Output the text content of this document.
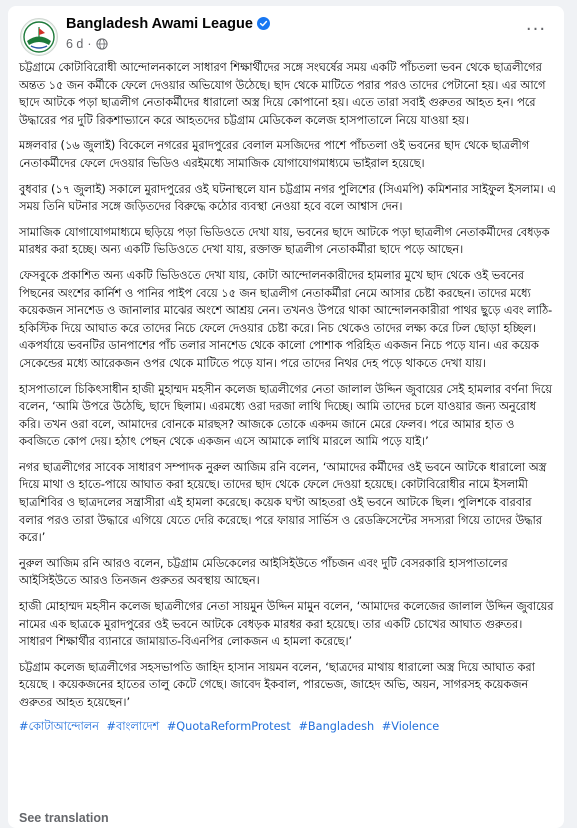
Bangladesh Awami League
6 d ·
···

চট্টগ্রামে কোটাবিরোধী আন্দোলনকালে সাধারণ শিক্ষার্থীদের সঙ্গে সংঘর্ষের সময় একটি পাঁচতলা ভবন থেকে ছাত্রলীগের অন্তত ১৫ জন কর্মীকে ফেলে দেওয়ার অভিযোগ উঠেছে। ছাদ থেকে মাটিতে পরার পরও তাদের পেটানো হয়। এর আগে ছাদে আটকে পড়া ছাত্রলীগ নেতাকর্মীদের ধারালো অস্ত্র দিয়ে কোপানো হয়। এতে তারা সবাই গুরুতর আহত হন। পরে উদ্ধারের পর দুটি রিকশাভ্যানে করে আহতদের চট্টগ্রাম মেডিকেল কলেজ হাসপাতালে নিয়ে যাওয়া হয়।

মঙ্গলবার (১৬ জুলাই) বিকেলে নগরের মুরাদপুরের বেলাল মসজিদের পাশে পাঁচতলা ওই ভবনের ছাদ থেকে ছাত্রলীগ নেতাকর্মীদের ফেলে দেওয়ার ভিডিও এরইমধ্যে সামাজিক যোগাযোগমাধ্যমে ভাইরাল হয়েছে।

বুধবার (১৭ জুলাই) সকালে মুরাদপুরের ওই ঘটনাস্থলে যান চট্টগ্রাম নগর পুলিশের (সিএমপি) কমিশনার সাইফুল ইসলাম। এ সময় তিনি ঘটনার সঙ্গে জড়িতদের বিরুদ্ধে কঠোর ব্যবস্থা নেওয়া হবে বলে আশ্বাস দেন।

সামাজিক যোগাযোগমাধ্যমে ছড়িয়ে পড়া ভিডিওতে দেখা যায়, ভবনের ছাদে আটকে পড়া ছাত্রলীগ নেতাকর্মীদের বেধড়ক মারধর করা হচ্ছে। অন্য একটি ভিডিওতে দেখা যায়, রক্তাক্ত ছাত্রলীগ নেতাকর্মীরা ছাদে পড়ে আছেন।

ফেসবুকে প্রকাশিত অন্য একটি ভিডিওতে দেখা যায়, কোটা আন্দোলনকারীদের হামলার মুখে ছাদ থেকে ওই ভবনের পিছনের অংশের কার্নিশ ও পানির পাইপ বেয়ে ১৫ জন ছাত্রলীগ নেতাকর্মীরা নেমে আসার চেষ্টা করছেন। তাদের মধ্যে কয়েকজন সানশেড ও জানালার মাঝের অংশে আশ্রয় নেন। তখনও উপরে থাকা আন্দোলনকারীরা পাথর ছুড়ে এবং লাঠি-হকিস্টিক দিয়ে আঘাত করে তাদের নিচে ফেলে দেওয়ার চেষ্টা করে। নিচ থেকেও তাদের লক্ষ্য করে ঢিল ছোড়া হচ্ছিল। একপর্যায়ে ভবনটির ডানপাশের পাঁচ তলার সানশেড থেকে কালো পোশাক পরিহিত একজন নিচে পড়ে যান। এর কয়েক সেকেন্ডের মধ্যে আরেকজন ওপর থেকে মাটিতে পড়ে যান। পরে তাদের নিথর দেহ পড়ে থাকতে দেখা যায়।

হাসপাতালে চিকিৎসাধীন হাজী মুহাম্মদ মহসীন কলেজ ছাত্রলীগের নেতা জালাল উদ্দিন জুবায়ের সেই হামলার বর্ণনা দিয়ে বলেন, ‘আমি উপরে উঠেছি, ছাদে ছিলাম। এরমধ্যে ওরা দরজা লাথি দিচ্ছে। আমি তাদের চলে যাওয়ার জন্য অনুরোধ করি। তখন ওরা বলে, আমাদের বোনকে মারছস? আজকে তোকে একদম জানে মেরে ফেলব। পরে আমার হাত ও কবজিতে কোপ দেয়। হঠাৎ পেছন থেকে একজন এসে আমাকে লাথি মারলে আমি পড়ে যাই।’

নগর ছাত্রলীগের সাবেক সাধারণ সম্পাদক নুরুল আজিম রনি বলেন, ‘আমাদের কর্মীদের ওই ভবনে আটকে ধারালো অস্ত্র দিয়ে মাথা ও হাতে-পায়ে আঘাত করা হয়েছে। তাদের ছাদ থেকে ফেলে দেওয়া হয়েছে। কোটাবিরোধীর নামে ইসলামী ছাত্রশিবির ও ছাত্রদলের সন্ত্রাসীরা এই হামলা করেছে। কয়েক ঘণ্টা আহতরা ওই ভবনে আটকে ছিল। পুলিশকে বারবার বলার পরও তারা উদ্ধারে এগিয়ে যেতে দেরি করেছে। পরে ফায়ার সার্ভিস ও রেডক্রিসেন্টের সদস্যরা গিয়ে তাদের উদ্ধার করে।’

নুরুল আজিম রনি আরও বলেন, চট্টগ্রাম মেডিকেলের আইসিইউতে পাঁচজন এবং দুটি বেসরকারি হাসপাতালের আইসিইউতে আরও তিনজন গুরুতর অবস্থায় আছেন।

হাজী মোহাম্মদ মহসীন কলেজ ছাত্রলীগের নেতা সায়মুন উদ্দিন মামুন বলেন, ‘আমাদের কলেজের জালাল উদ্দিন জুবায়ের নামের এক ছাত্রকে মুরাদপুরের ওই ভবনে আটকে বেধড়ক মারধর করা হয়েছে। তার একটি চোখের আঘাত গুরুতর। সাধারণ শিক্ষার্থীর ব্যানারে জামায়াত-বিএনপির লোকজন এ হামলা করেছে।’

চট্টগ্রাম কলেজ ছাত্রলীগের সহসভাপতি জাহিদ হাসান সায়মন বলেন, ‘ছাত্রদের মাথায় ধারালো অস্ত্র দিয়ে আঘাত করা হয়েছে । কয়েকজনের হাতের তালু কেটে গেছে। জাবেদ ইকবাল, পারভেজ, জাহেদ অভি, অয়ন, সাগরসহ কয়েকজন গুরুতর আহত হয়েছেন।’

#কোটাআন্দোলন #বাংলাদেশ #QuotaReformProtest #Bangladesh #Violence
See translation
